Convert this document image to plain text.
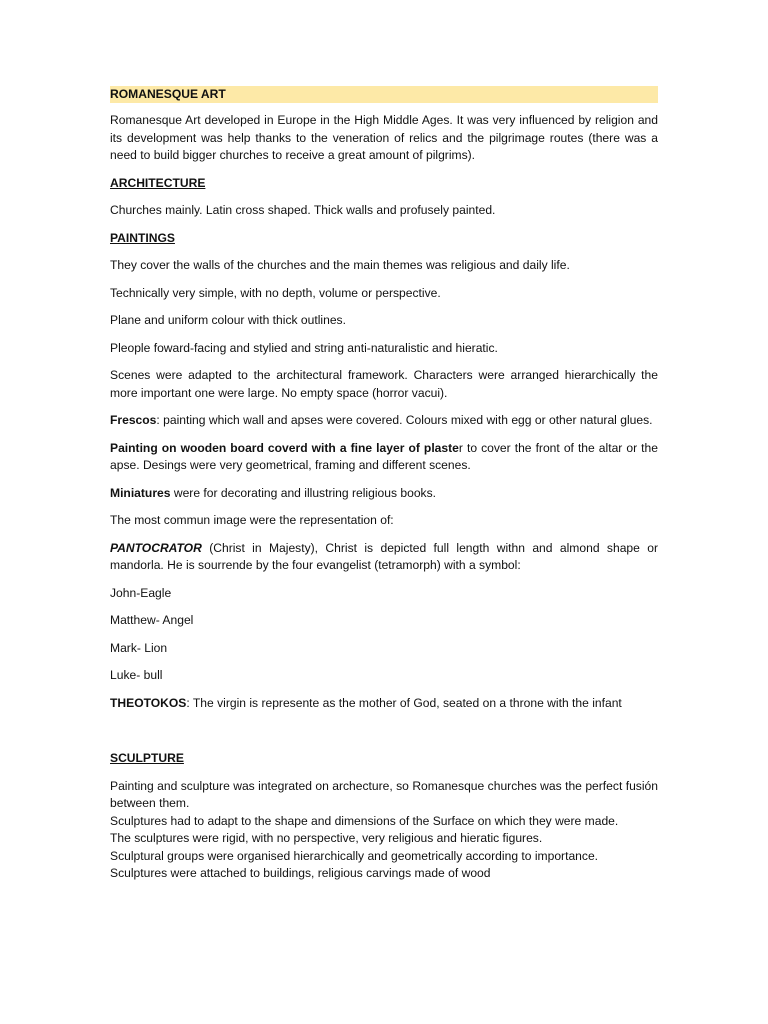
ROMANESQUE ART

Romanesque Art developed in Europe in the High Middle Ages. It was very influenced by religion and its development was help thanks to the veneration of relics and the pilgrimage routes (there was a need to build bigger churches to receive a great amount of pilgrims).

ARCHITECTURE

Churches mainly. Latin cross shaped. Thick walls and profusely painted.

PAINTINGS

They cover the walls of the churches and the main themes was religious and daily life.

Technically very simple, with no depth, volume or perspective.

Plane and uniform colour with thick outlines.

Pleople foward-facing and stylied and string anti-naturalistic and hieratic.

Scenes were adapted to the architectural framework. Characters were arranged hierarchically the more important one were large. No empty space (horror vacui).

Frescos: painting which wall and apses were covered. Colours mixed with egg or other natural glues.

Painting on wooden board coverd with a fine layer of plaster to cover the front of the altar or the apse. Desings were very geometrical, framing and different scenes.

Miniatures were for decorating and illustring religious books.

The most commun image were the representation of:

PANTOCRATOR (Christ in Majesty), Christ is depicted full length withn and almond shape or mandorla. He is sourrende by the four evangelist (tetramorph) with a symbol:

John-Eagle

Matthew- Angel

Mark- Lion

Luke- bull

THEOTOKOS: The virgin is represente as the mother of God, seated on a throne with the infant

SCULPTURE

Painting and sculpture was integrated on archecture, so Romanesque churches was the perfect fusión between them.

Sculptures had to adapt to the shape and dimensions of the Surface on which they were made.

The sculptures were rigid, with no perspective, very religious and hieratic figures.

Sculptural groups were organised hierarchically and geometrically according to importance.

Sculptures were attached to buildings, religious carvings made of wood
